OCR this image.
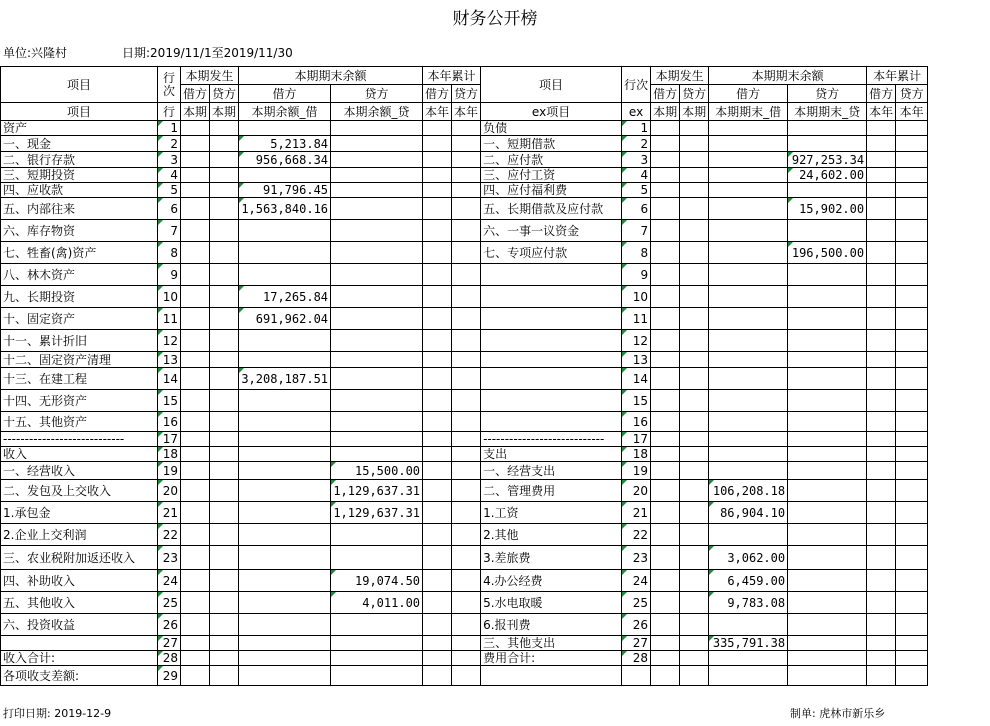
财务公开榜
单位:兴隆村	日期:2019/11/1至2019/11/30
项目	行次	本期发生		本期期末余额		本年累计		项目	行次	本期发生		本期期末余额		本年累计	
		借方	贷方	借方	贷方	借方	贷方			借方	贷方	借方	贷方	借方	贷方
项目	行	本期	本期	本期余额_借	本期余额_贷	本年	本年	ex项目	ex	本期	本期	本期期末_借	本期期末_贷	本年	本年
资产	1							负债	1						
一、现金	2			5,213.84				一、短期借款	2						
二、银行存款	3			956,668.34				二、应付款	3				927,253.34		
三、短期投资	4							三、应付工资	4				24,602.00		
四、应收款	5			91,796.45				四、应付福利费	5						
五、内部往来	6			1,563,840.16				五、长期借款及应付款	6				15,902.00		
六、库存物资	7							六、一事一议资金	7						
七、牲畜(禽)资产	8							七、专项应付款	8				196,500.00		
八、林木资产	9								9						
九、长期投资	10			17,265.84					10						
十、固定资产	11			691,962.04					11						
十一、累计折旧	12								12						
十二、固定资产清理	13								13						
十三、在建工程	14			3,208,187.51					14						
十四、无形资产	15								15						
十五、其他资产	16								16						
----------------------------	17							----------------------------	17						
收入	18							支出	18						
一、经营收入	19				15,500.00			一、经营支出	19						
二、发包及上交收入	20				1,129,637.31			二、管理费用	20			106,208.18			
1.承包金	21				1,129,637.31			1.工资	21			86,904.10			
2.企业上交利润	22							2.其他	22						
三、农业税附加返还收入	23							3.差旅费	23			3,062.00			
四、补助收入	24				19,074.50			4.办公经费	24			6,459.00			
五、其他收入	25				4,011.00			5.水电取暖	25			9,783.08			
六、投资收益	26							6.报刊费	26						
	27							三、其他支出	27			335,791.38			
收入合计:	28							费用合计:	28						
各项收支差额:	29														
打印日期: 2019-12-9	制单: 虎林市新乐乡
